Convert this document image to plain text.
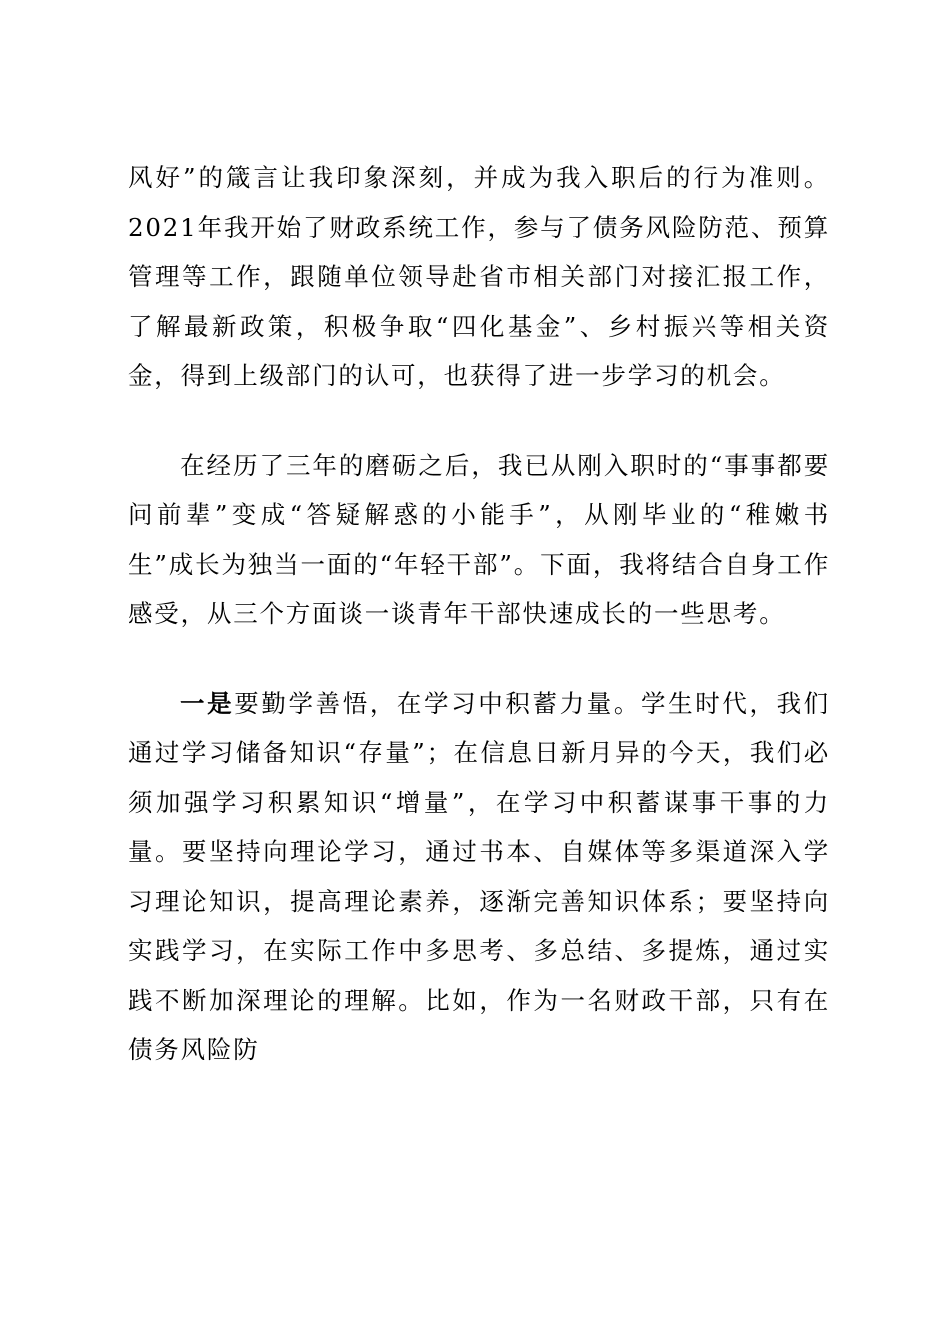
风好”的箴言让我印象深刻，并成为我入职后的行为准则。2021年我开始了财政系统工作，参与了债务风险防范、预算管理等工作，跟随单位领导赴省市相关部门对接汇报工作，了解最新政策，积极争取“四化基金”、乡村振兴等相关资金，得到上级部门的认可，也获得了进一步学习的机会。

在经历了三年的磨砺之后，我已从刚入职时的“事事都要问前辈”变成“答疑解惑的小能手”，从刚毕业的“稚嫩书生”成长为独当一面的“年轻干部”。下面，我将结合自身工作感受，从三个方面谈一谈青年干部快速成长的一些思考。

一是要勤学善悟，在学习中积蓄力量。学生时代，我们通过学习储备知识“存量”；在信息日新月异的今天，我们必须加强学习积累知识“增量”，在学习中积蓄谋事干事的力量。要坚持向理论学习，通过书本、自媒体等多渠道深入学习理论知识，提高理论素养，逐渐完善知识体系；要坚持向实践学习，在实际工作中多思考、多总结、多提炼，通过实践不断加深理论的理解。比如，作为一名财政干部，只有在债务风险防
